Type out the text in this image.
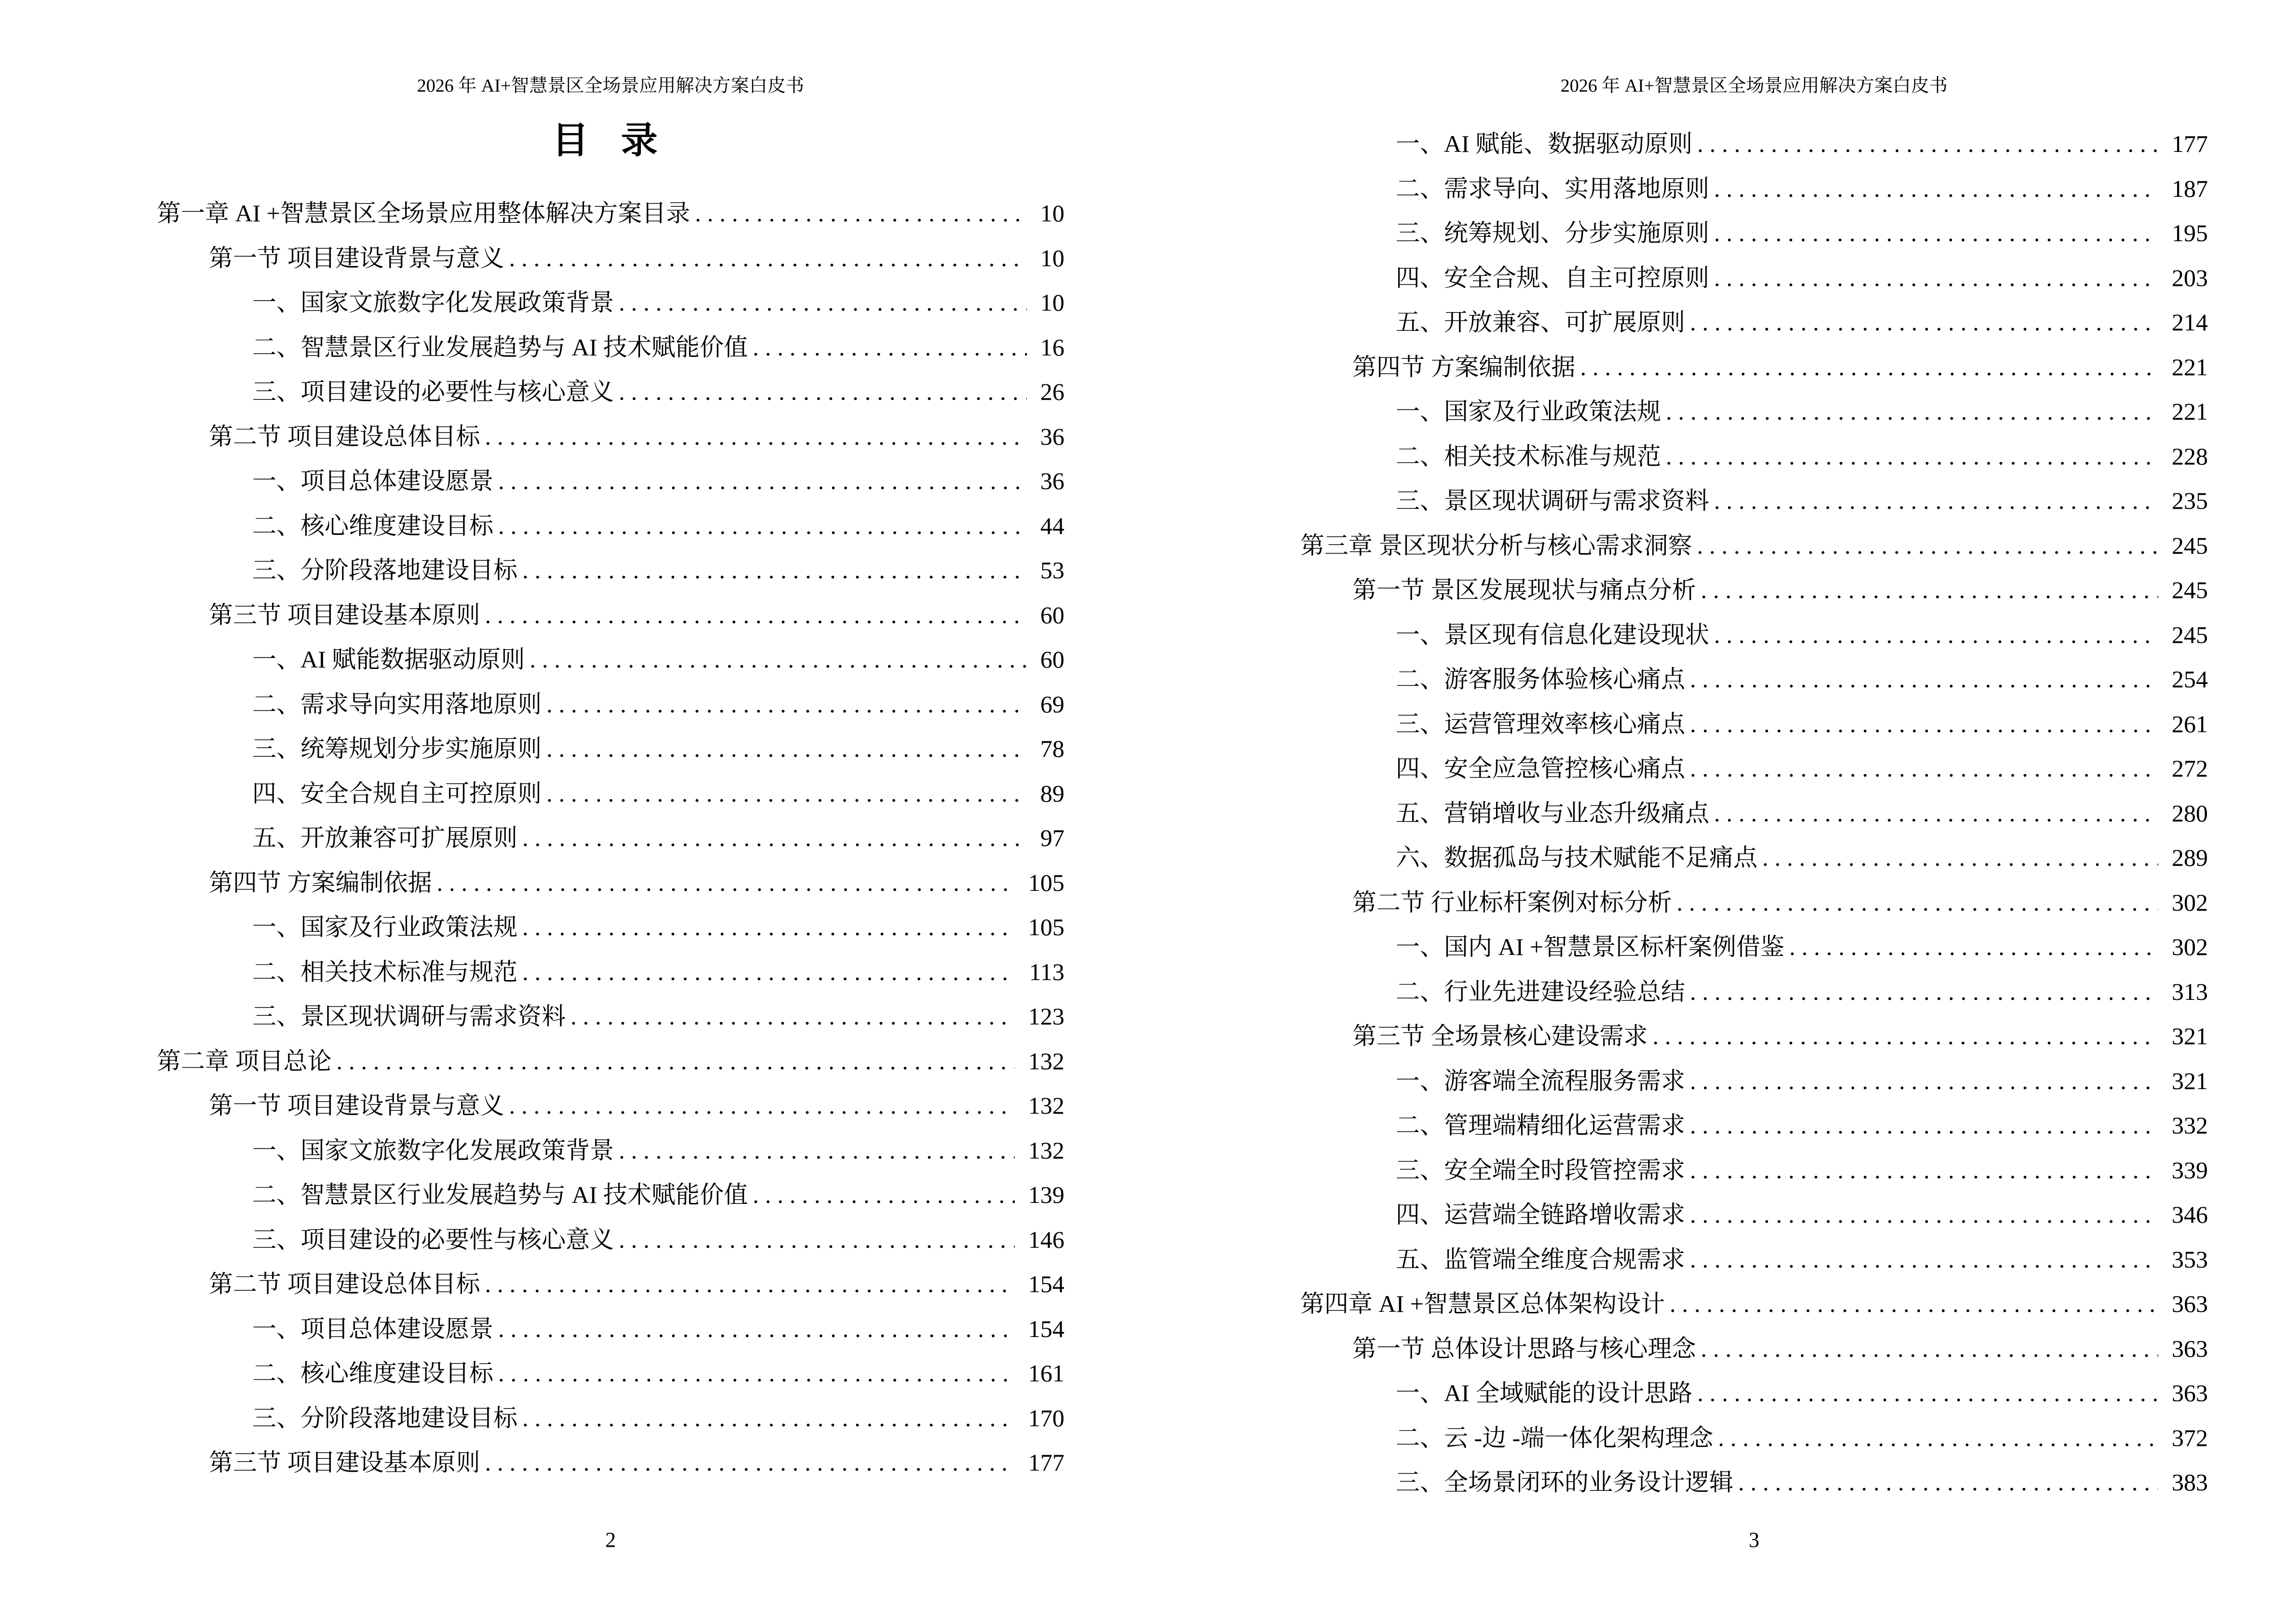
2026 年 AI+智慧景区全场景应用解决方案白皮书
目 录
第一章 AI +智慧景区全场景应用整体解决方案目录 .....	10
第一节 项目建设背景与意义 .....	10
一、国家文旅数字化发展政策背景 .....	10
二、智慧景区行业发展趋势与 AI 技术赋能价值 .....	16
三、项目建设的必要性与核心意义 .....	26
第二节 项目建设总体目标 .....	36
一、项目总体建设愿景 .....	36
二、核心维度建设目标 .....	44
三、分阶段落地建设目标 .....	53
第三节 项目建设基本原则 .....	60
一、AI 赋能数据驱动原则 .....	60
二、需求导向实用落地原则 .....	69
三、统筹规划分步实施原则 .....	78
四、安全合规自主可控原则 .....	89
五、开放兼容可扩展原则 .....	97
第四节 方案编制依据 .....	105
一、国家及行业政策法规 .....	105
二、相关技术标准与规范 .....	113
三、景区现状调研与需求资料 .....	123
第二章 项目总论 .....	132
第一节 项目建设背景与意义 .....	132
一、国家文旅数字化发展政策背景 .....	132
二、智慧景区行业发展趋势与 AI 技术赋能价值 .....	139
三、项目建设的必要性与核心意义 .....	146
第二节 项目建设总体目标 .....	154
一、项目总体建设愿景 .....	154
二、核心维度建设目标 .....	161
三、分阶段落地建设目标 .....	170
第三节 项目建设基本原则 .....	177
2
2026 年 AI+智慧景区全场景应用解决方案白皮书
一、AI 赋能、数据驱动原则 .....	177
二、需求导向、实用落地原则 .....	187
三、统筹规划、分步实施原则 .....	195
四、安全合规、自主可控原则 .....	203
五、开放兼容、可扩展原则 .....	214
第四节 方案编制依据 .....	221
一、国家及行业政策法规 .....	221
二、相关技术标准与规范 .....	228
三、景区现状调研与需求资料 .....	235
第三章 景区现状分析与核心需求洞察 .....	245
第一节 景区发展现状与痛点分析 .....	245
一、景区现有信息化建设现状 .....	245
二、游客服务体验核心痛点 .....	254
三、运营管理效率核心痛点 .....	261
四、安全应急管控核心痛点 .....	272
五、营销增收与业态升级痛点 .....	280
六、数据孤岛与技术赋能不足痛点 .....	289
第二节 行业标杆案例对标分析 .....	302
一、国内 AI +智慧景区标杆案例借鉴 .....	302
二、行业先进建设经验总结 .....	313
第三节 全场景核心建设需求 .....	321
一、游客端全流程服务需求 .....	321
二、管理端精细化运营需求 .....	332
三、安全端全时段管控需求 .....	339
四、运营端全链路增收需求 .....	346
五、监管端全维度合规需求 .....	353
第四章 AI +智慧景区总体架构设计 .....	363
第一节 总体设计思路与核心理念 .....	363
一、AI 全域赋能的设计思路 .....	363
二、云 -边 -端一体化架构理念 .....	372
三、全场景闭环的业务设计逻辑 .....	383
3
